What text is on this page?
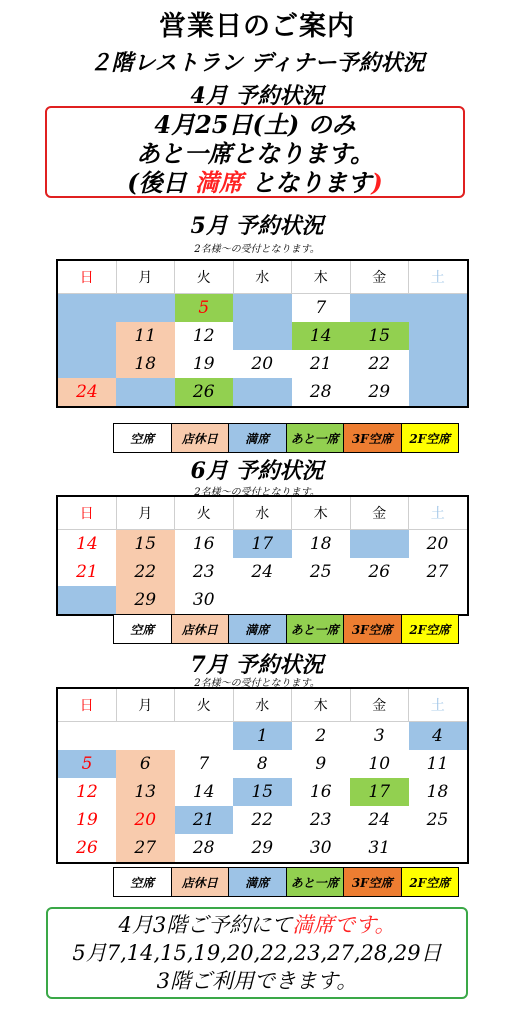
営業日のご案内
２階レストラン ディナー予約状況
4月 予約状況
4月25日(土) のみ
あと一席となります。
(後日 満席 となります)
5月 予約状況
2名様〜の受付となります。
日	月	火	水	木	金	土
		5		7		
	11	12		14	15	
	18	19	20	21	22	
24		26		28	29	
空席	店休日	満席	あと一席	3F空席	2F空席
6月 予約状況
2名様〜の受付となります。
日	月	火	水	木	金	土
14	15	16	17	18		20
21	22	23	24	25	26	27
	29	30				
空席	店休日	満席	あと一席	3F空席	2F空席
7月 予約状況
2名様〜の受付となります。
日	月	火	水	木	金	土
			1	2	3	4
5	6	7	8	9	10	11
12	13	14	15	16	17	18
19	20	21	22	23	24	25
26	27	28	29	30	31	
空席	店休日	満席	あと一席	3F空席	2F空席
4月3階ご予約にて満席です。
5月7,14,15,19,20,22,23,27,28,29日
3階ご利用できます。
